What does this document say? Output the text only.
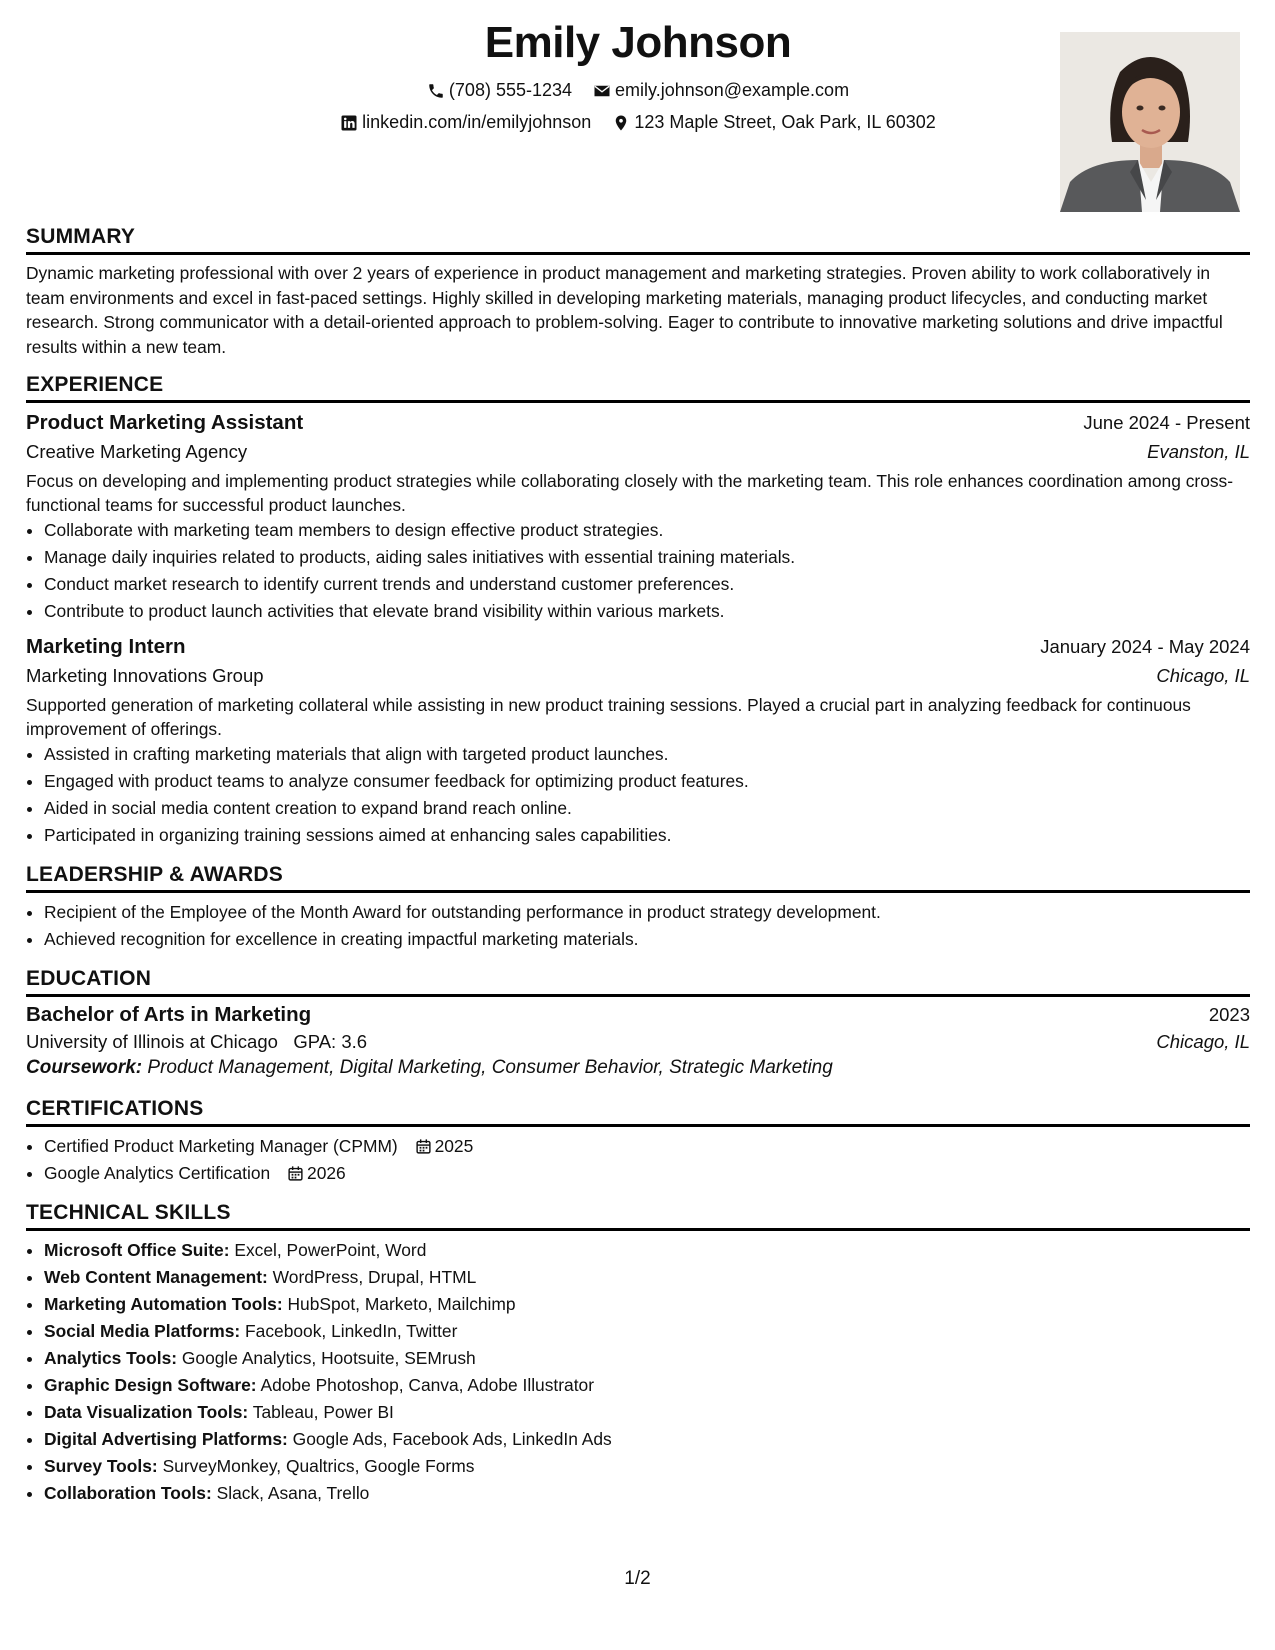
Emily Johnson
(708) 555-1234
emily.johnson@example.com
linkedin.com/in/emilyjohnson
123 Maple Street, Oak Park, IL 60302
SUMMARY

Dynamic marketing professional with over 2 years of experience in product management and marketing strategies. Proven ability to work collaboratively in team environments and excel in fast-paced settings. Highly skilled in developing marketing materials, managing product lifecycles, and conducting market research. Strong communicator with a detail-oriented approach to problem-solving. Eager to contribute to innovative marketing solutions and drive impactful results within a new team.

EXPERIENCE
Product Marketing Assistant	June 2024 - Present
Creative Marketing Agency	Evanston, IL

Focus on developing and implementing product strategies while collaborating closely with the marketing team. This role enhances coordination among cross-functional teams for successful product launches.

• Collaborate with marketing team members to design effective product strategies.
• Manage daily inquiries related to products, aiding sales initiatives with essential training materials.
• Conduct market research to identify current trends and understand customer preferences.
• Contribute to product launch activities that elevate brand visibility within various markets.
Marketing Intern	January 2024 - May 2024
Marketing Innovations Group	Chicago, IL

Supported generation of marketing collateral while assisting in new product training sessions. Played a crucial part in analyzing feedback for continuous improvement of offerings.

• Assisted in crafting marketing materials that align with targeted product launches.
• Engaged with product teams to analyze consumer feedback for optimizing product features.
• Aided in social media content creation to expand brand reach online.
• Participated in organizing training sessions aimed at enhancing sales capabilities.
LEADERSHIP & AWARDS
• Recipient of the Employee of the Month Award for outstanding performance in product strategy development.
• Achieved recognition for excellence in creating impactful marketing materials.
EDUCATION
Bachelor of Arts in Marketing	2023
University of Illinois at Chicago GPA: 3.6	Chicago, IL
Coursework: Product Management, Digital Marketing, Consumer Behavior, Strategic Marketing
CERTIFICATIONS
• Certified Product Marketing Manager (CPMM) 2025
• Google Analytics Certification 2026
TECHNICAL SKILLS
• Microsoft Office Suite: Excel, PowerPoint, Word
• Web Content Management: WordPress, Drupal, HTML
• Marketing Automation Tools: HubSpot, Marketo, Mailchimp
• Social Media Platforms: Facebook, LinkedIn, Twitter
• Analytics Tools: Google Analytics, Hootsuite, SEMrush
• Graphic Design Software: Adobe Photoshop, Canva, Adobe Illustrator
• Data Visualization Tools: Tableau, Power BI
• Digital Advertising Platforms: Google Ads, Facebook Ads, LinkedIn Ads
• Survey Tools: SurveyMonkey, Qualtrics, Google Forms
• Collaboration Tools: Slack, Asana, Trello
1/2
